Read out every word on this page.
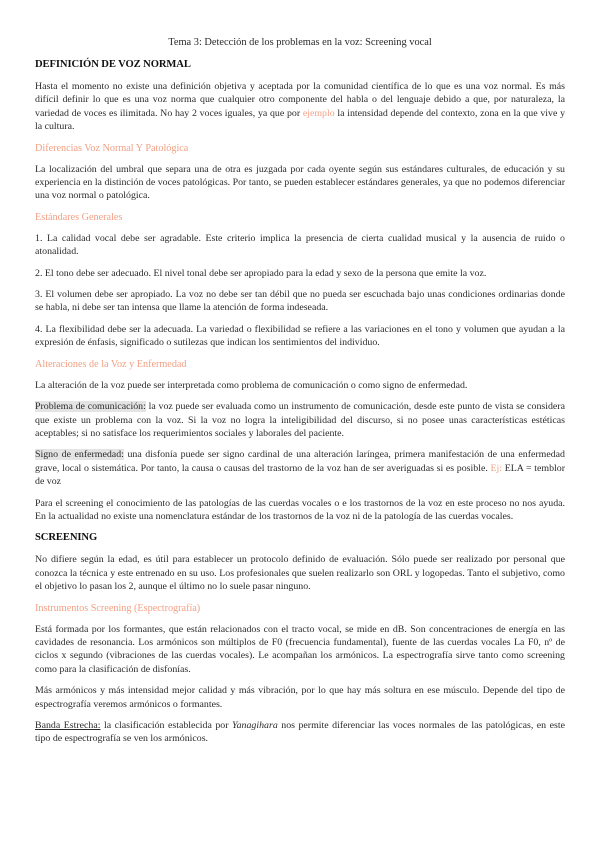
Tema 3: Detección de los problemas en la voz: Screening vocal
DEFINICIÓN DE VOZ NORMAL

Hasta el momento no existe una definición objetiva y aceptada por la comunidad científica de lo que es una voz normal. Es más difícil definir lo que es una voz norma que cualquier otro componente del habla o del lenguaje debido a que, por naturaleza, la variedad de voces es ilimitada. No hay 2 voces iguales, ya que por ejemplo la intensidad depende del contexto, zona en la que vive y la cultura.

Diferencias Voz Normal Y Patológica

La localización del umbral que separa una de otra es juzgada por cada oyente según sus estándares culturales, de educación y su experiencia en la distinción de voces patológicas. Por tanto, se pueden establecer estándares generales, ya que no podemos diferenciar una voz normal o patológica.

Estándares Generales

1. La calidad vocal debe ser agradable. Este criterio implica la presencia de cierta cualidad musical y la ausencia de ruido o atonalidad.

2. El tono debe ser adecuado. El nivel tonal debe ser apropiado para la edad y sexo de la persona que emite la voz.

3. El volumen debe ser apropiado. La voz no debe ser tan débil que no pueda ser escuchada bajo unas condiciones ordinarias donde se habla, ni debe ser tan intensa que llame la atención de forma indeseada.

4. La flexibilidad debe ser la adecuada. La variedad o flexibilidad se refiere a las variaciones en el tono y volumen que ayudan a la expresión de énfasis, significado o sutilezas que indican los sentimientos del individuo.

Alteraciones de la Voz y Enfermedad

La alteración de la voz puede ser interpretada como problema de comunicación o como signo de enfermedad.

Problema de comunicación: la voz puede ser evaluada como un instrumento de comunicación, desde este punto de vista se considera que existe un problema con la voz. Si la voz no logra la inteligibilidad del discurso, si no posee unas características estéticas aceptables; si no satisface los requerimientos sociales y laborales del paciente.

Signo de enfermedad: una disfonía puede ser signo cardinal de una alteración laríngea, primera manifestación de una enfermedad grave, local o sistemática. Por tanto, la causa o causas del trastorno de la voz han de ser averiguadas si es posible. Ej: ELA = temblor de voz

Para el screening el conocimiento de las patologías de las cuerdas vocales o e los trastornos de la voz en este proceso no nos ayuda. En la actualidad no existe una nomenclatura estándar de los trastornos de la voz ni de la patología de las cuerdas vocales.

SCREENING

No difiere según la edad, es útil para establecer un protocolo definido de evaluación. Sólo puede ser realizado por personal que conozca la técnica y este entrenado en su uso. Los profesionales que suelen realizarlo son ORL y logopedas. Tanto el subjetivo, como el objetivo lo pasan los 2, aunque el último no lo suele pasar ninguno.

Instrumentos Screening (Espectrografía)

Está formada por los formantes, que están relacionados con el tracto vocal, se mide en dB. Son concentraciones de energía en las cavidades de resonancia. Los armónicos son múltiplos de F0 (frecuencia fundamental), fuente de las cuerdas vocales La F0, nº de ciclos x segundo (vibraciones de las cuerdas vocales). Le acompañan los armónicos. La espectrografía sirve tanto como screening como para la clasificación de disfonías.

Más armónicos y más intensidad mejor calidad y más vibración, por lo que hay más soltura en ese músculo. Depende del tipo de espectrografía veremos armónicos o formantes.

Banda Estrecha: la clasificación establecida por Yanagihara nos permite diferenciar las voces normales de las patológicas, en este tipo de espectrografía se ven los armónicos.
